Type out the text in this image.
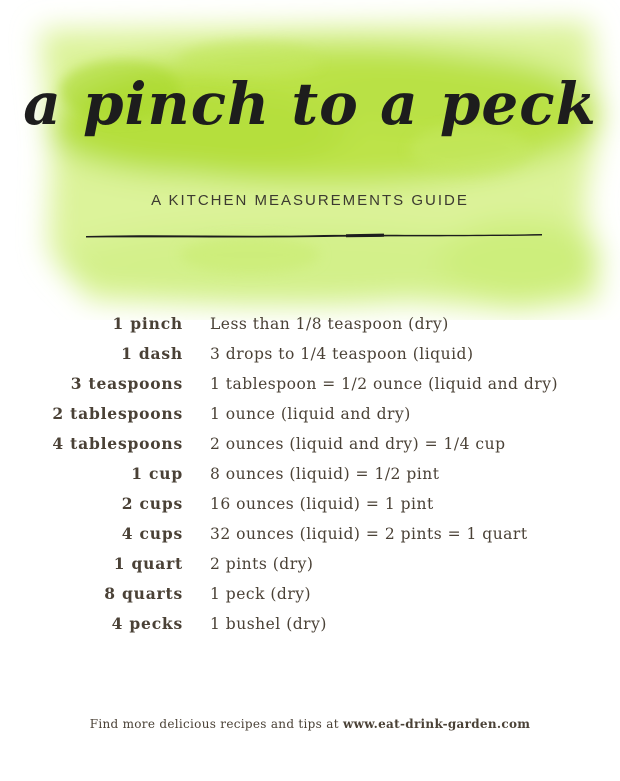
a pinch to a peck
A KITCHEN MEASUREMENTS GUIDE
1 pinch Less than 1/8 teaspoon (dry)
1 dash 3 drops to 1/4 teaspoon (liquid)
3 teaspoons 1 tablespoon = 1/2 ounce (liquid and dry)
2 tablespoons 1 ounce (liquid and dry)
4 tablespoons 2 ounces (liquid and dry) = 1/4 cup
1 cup 8 ounces (liquid) = 1/2 pint
2 cups 16 ounces (liquid) = 1 pint
4 cups 32 ounces (liquid) = 2 pints = 1 quart
1 quart 2 pints (dry)
8 quarts 1 peck (dry)
4 pecks 1 bushel (dry)
Find more delicious recipes and tips at www.eat-drink-garden.com
